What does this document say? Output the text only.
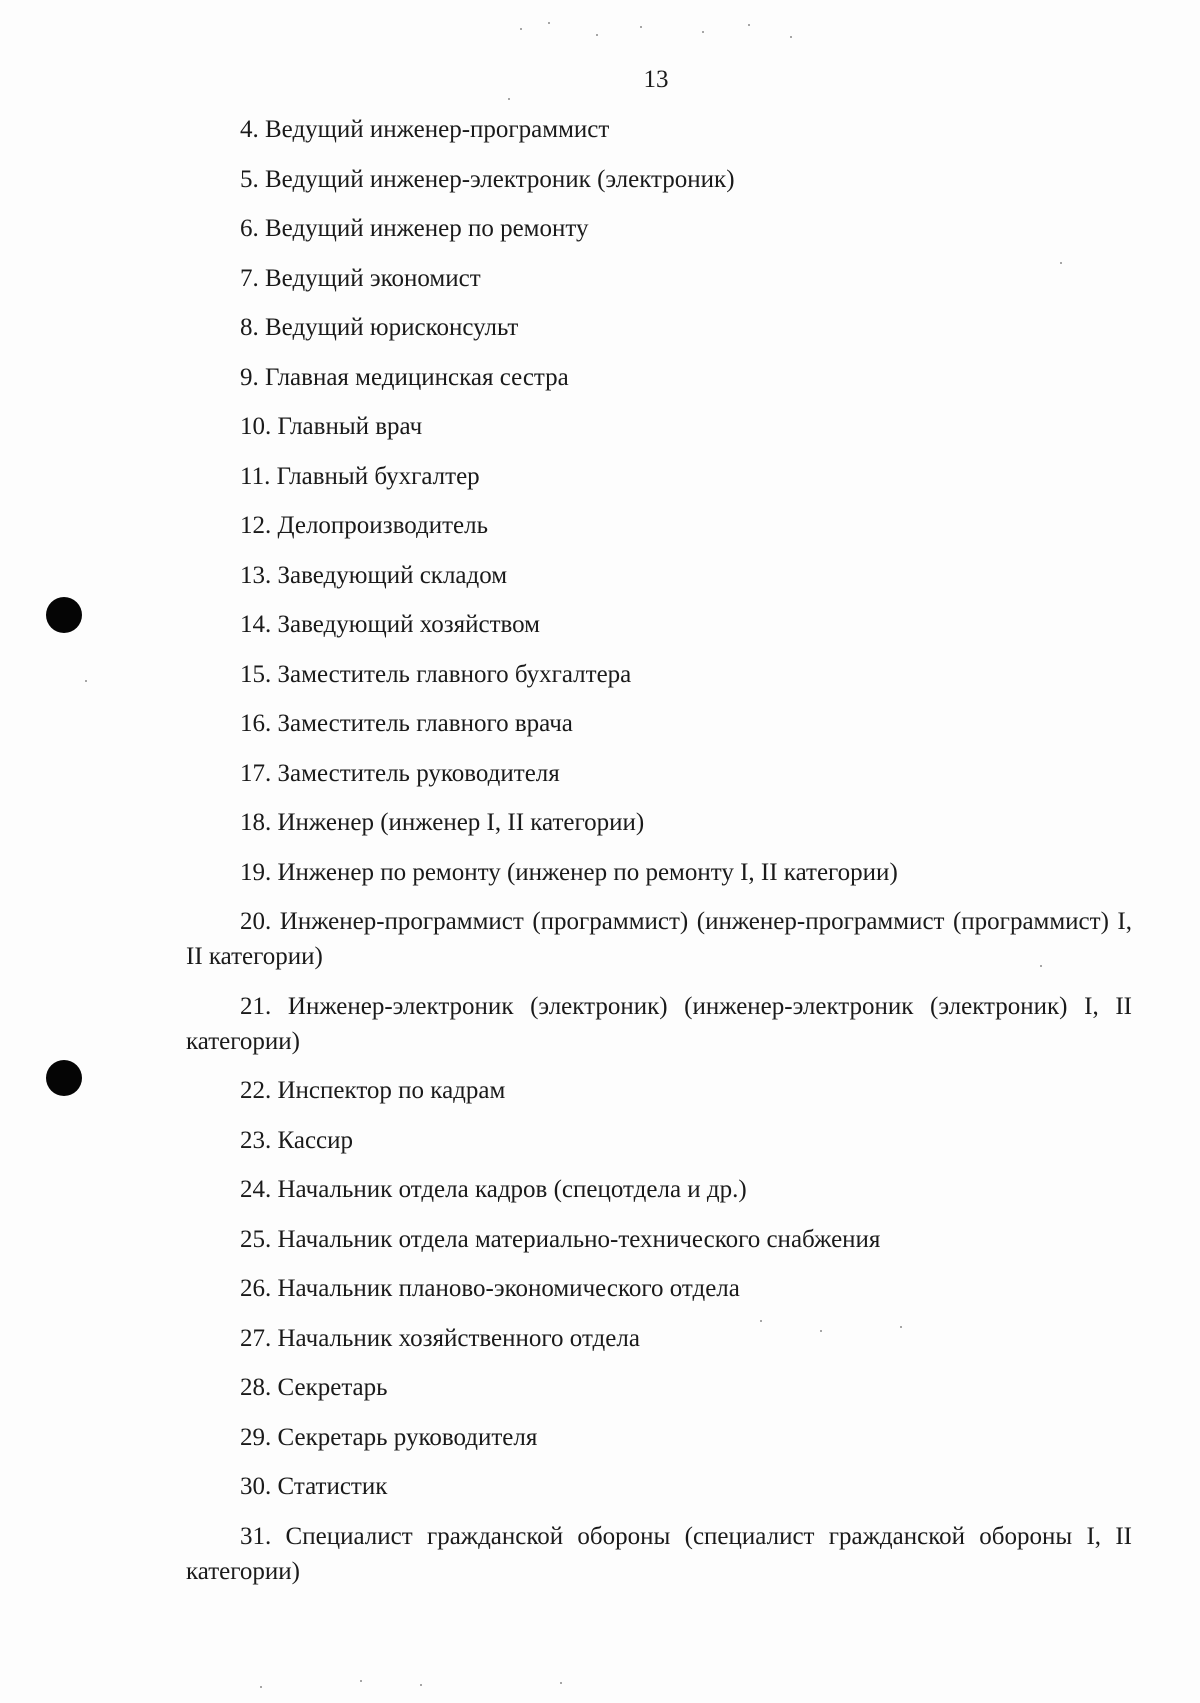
13
4. Ведущий инженер-программист
5. Ведущий инженер-электроник (электроник)
6. Ведущий инженер по ремонту
7. Ведущий экономист
8. Ведущий юрисконсульт
9. Главная медицинская сестра
10. Главный врач
11. Главный бухгалтер
12. Делопроизводитель
13. Заведующий складом
14. Заведующий хозяйством
15. Заместитель главного бухгалтера
16. Заместитель главного врача
17. Заместитель руководителя
18. Инженер (инженер I, II категории)
19. Инженер по ремонту (инженер по ремонту I, II категории)
20. Инженер-программист (программист) (инженер-программист (программист) I, II категории)
21. Инженер-электроник (электроник) (инженер-электроник (электроник) I, II категории)
22. Инспектор по кадрам
23. Кассир
24. Начальник отдела кадров (спецотдела и др.)
25. Начальник отдела материально-технического снабжения
26. Начальник планово-экономического отдела
27. Начальник хозяйственного отдела
28. Секретарь
29. Секретарь руководителя
30. Статистик
31. Специалист гражданской обороны (специалист гражданской обороны I, II категории)
